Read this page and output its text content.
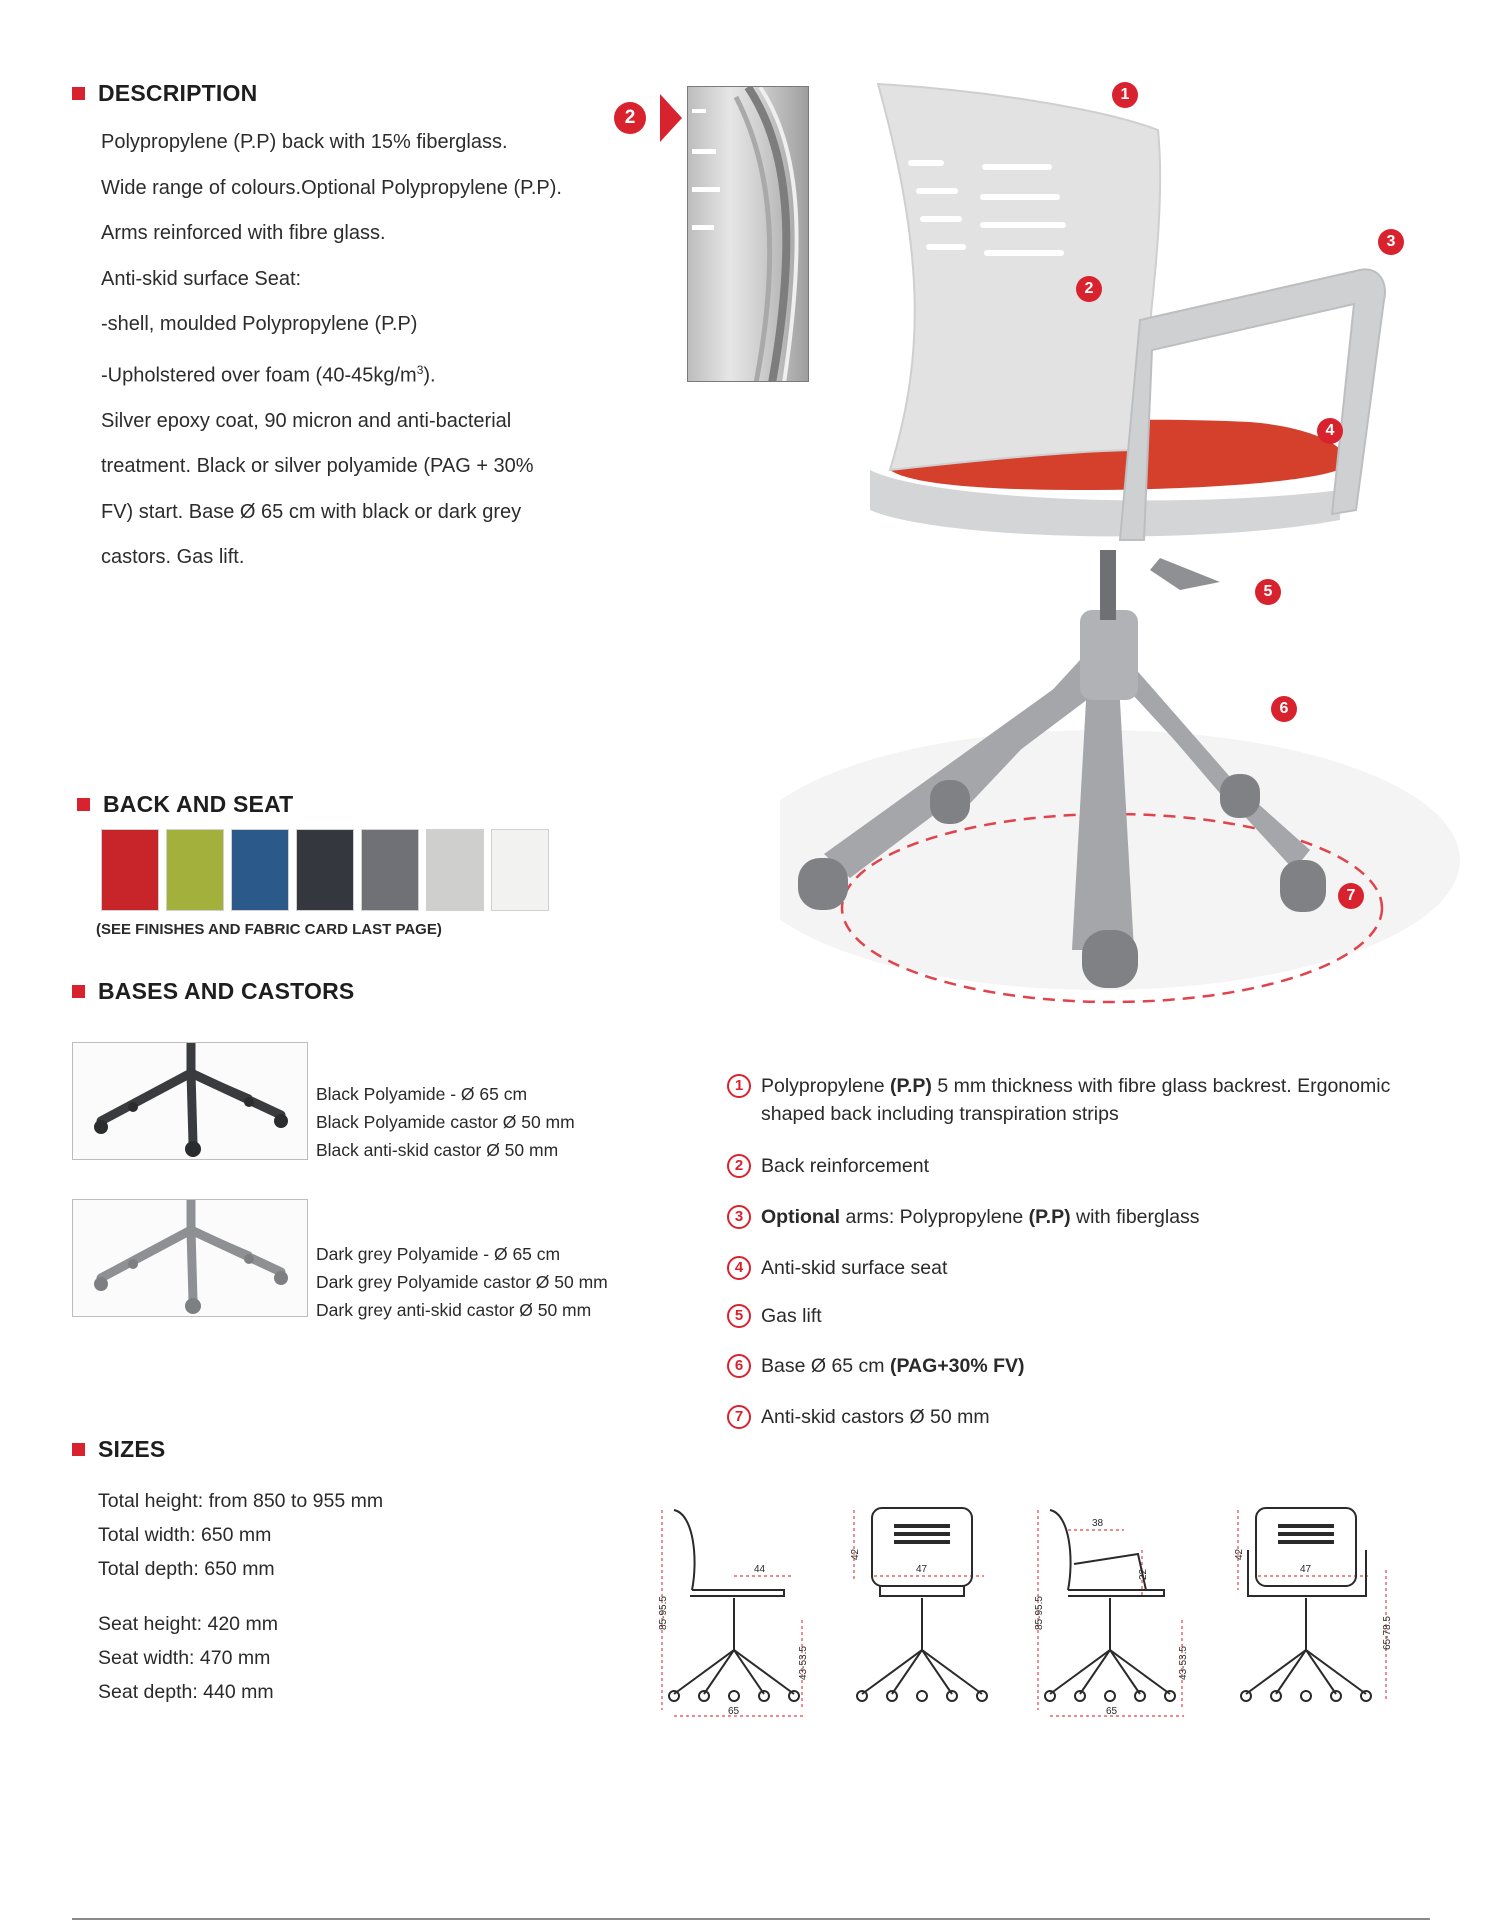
DESCRIPTION

Polypropylene (P.P) back with 15% fiberglass.

Wide range of colours.Optional Polypropylene (P.P).

Arms reinforced with fibre glass.

Anti-skid surface Seat:

-shell, moulded Polypropylene (P.P)

-Upholstered over foam $(40-45kg/m^3)$.

Silver epoxy coat, 90 micron and anti-bacterial

treatment. Black or silver polyamide (PAG + 30%

FV) start. Base Ø 65 cm with black or dark grey

castors. Gas lift.

BACK AND SEAT
(SEE FINISHES AND FABRIC CARD LAST PAGE)
BASES AND CASTORS
Black Polyamide - Ø 65 cm
Black Polyamide castor Ø 50 mm
Black anti-skid castor Ø 50 mm
Dark grey Polyamide - Ø 65 cm
Dark grey Polyamide castor Ø 50 mm
Dark grey anti-skid castor Ø 50 mm
SIZES

Total height: from 850 to 955 mm

Total width: 650 mm

Total depth: 650 mm

Seat height: 420 mm

Seat width: 470 mm

Seat depth: 440 mm

2
1
2
3
4
5
6
7
1 Polypropylene (P.P) 5 mm thickness with fibre glass backrest. Ergonomic
shaped back including transpiration strips
2 Back reinforcement
3 Optional arms: Polypropylene (P.P) with fiberglass
4 Anti-skid surface seat
5 Gas lift
6 Base Ø 65 cm (PAG+30% FV)
7 Anti-skid castors Ø 50 mm
44	47
38
47
42	42
22
65	65
85-95.5	85-95.5
43-53.5	43-53.5
65-78.5
